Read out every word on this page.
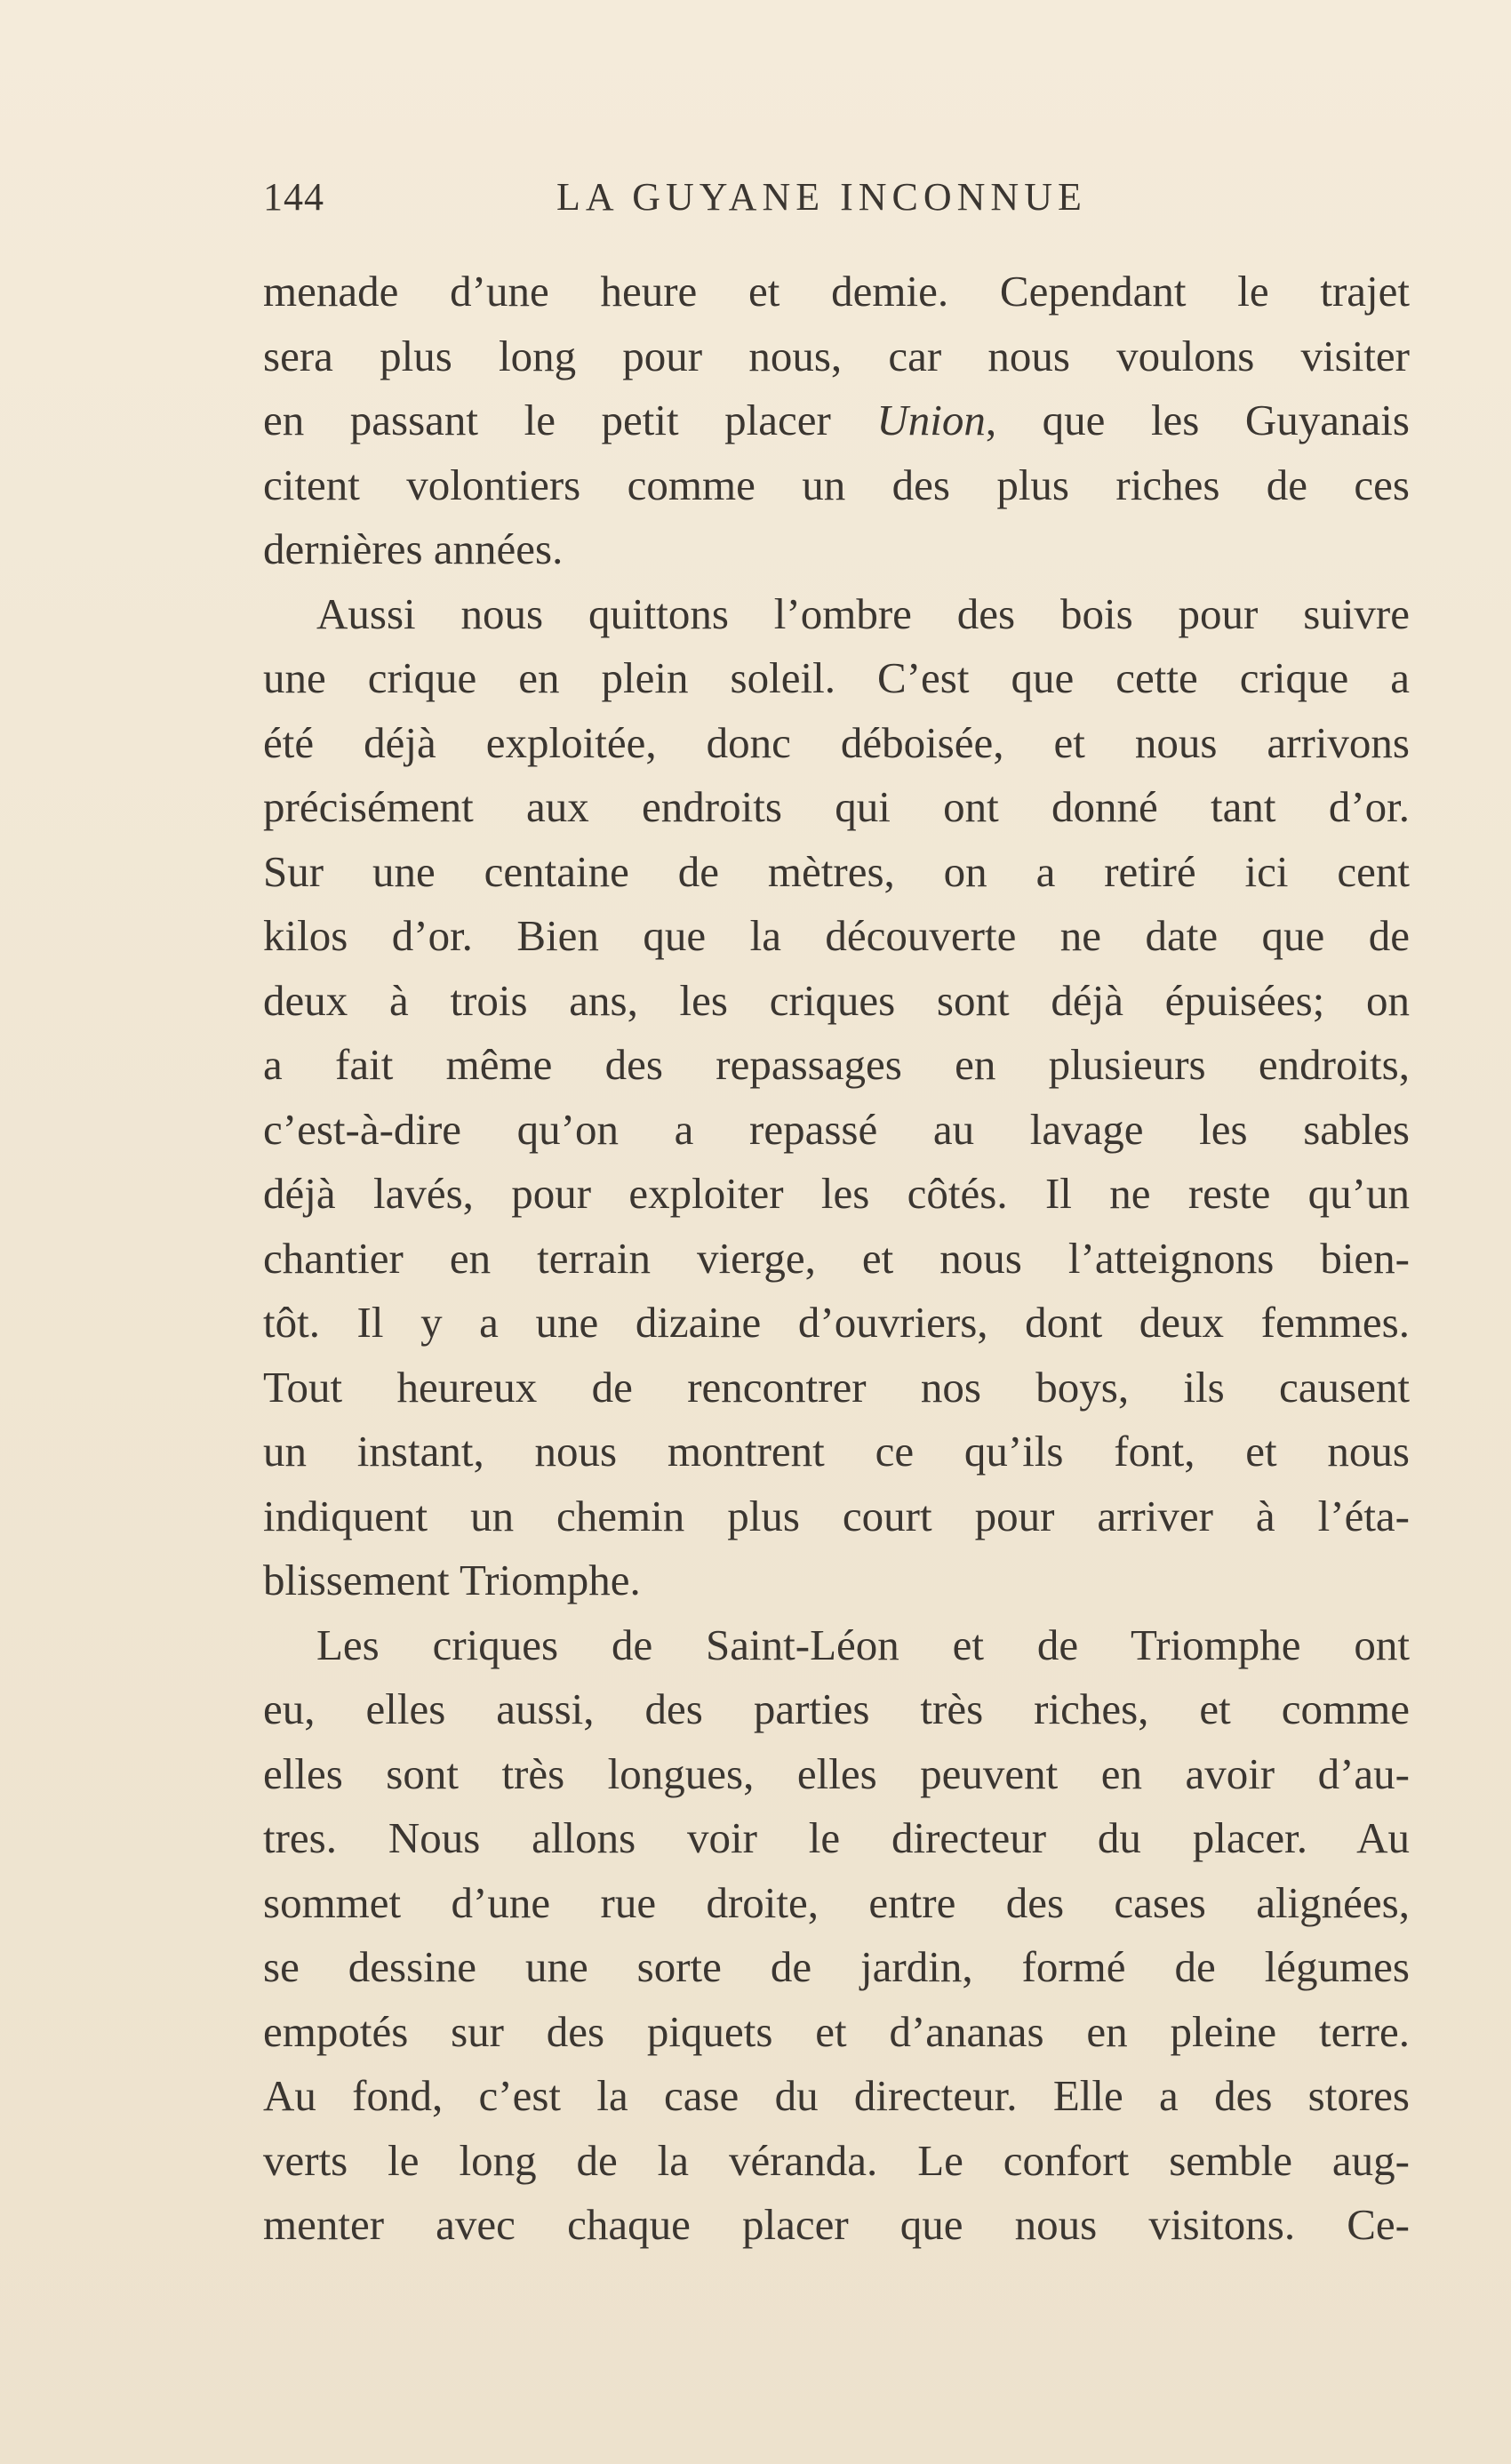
144	LA GUYANE INCONNUE
menade d’une heure et demie. Cependant le trajet
sera plus long pour nous, car nous voulons visiter
en passant le petit placer Union, que les Guyanais
citent volontiers comme un des plus riches de ces
dernières années.
Aussi nous quittons l’ombre des bois pour suivre
une crique en plein soleil. C’est que cette crique a
été déjà exploitée, donc déboisée, et nous arrivons
précisément aux endroits qui ont donné tant d’or.
Sur une centaine de mètres, on a retiré ici cent
kilos d’or. Bien que la découverte ne date que de
deux à trois ans, les criques sont déjà épuisées; on
a fait même des repassages en plusieurs endroits,
c’est-à-dire qu’on a repassé au lavage les sables
déjà lavés, pour exploiter les côtés. Il ne reste qu’un
chantier en terrain vierge, et nous l’atteignons bien-
tôt. Il y a une dizaine d’ouvriers, dont deux femmes.
Tout heureux de rencontrer nos boys, ils causent
un instant, nous montrent ce qu’ils font, et nous
indiquent un chemin plus court pour arriver à l’éta-
blissement Triomphe.
Les criques de Saint-Léon et de Triomphe ont
eu, elles aussi, des parties très riches, et comme
elles sont très longues, elles peuvent en avoir d’au-
tres. Nous allons voir le directeur du placer. Au
sommet d’une rue droite, entre des cases alignées,
se dessine une sorte de jardin, formé de légumes
empotés sur des piquets et d’ananas en pleine terre.
Au fond, c’est la case du directeur. Elle a des stores
verts le long de la véranda. Le confort semble aug-
menter avec chaque placer que nous visitons. Ce-
